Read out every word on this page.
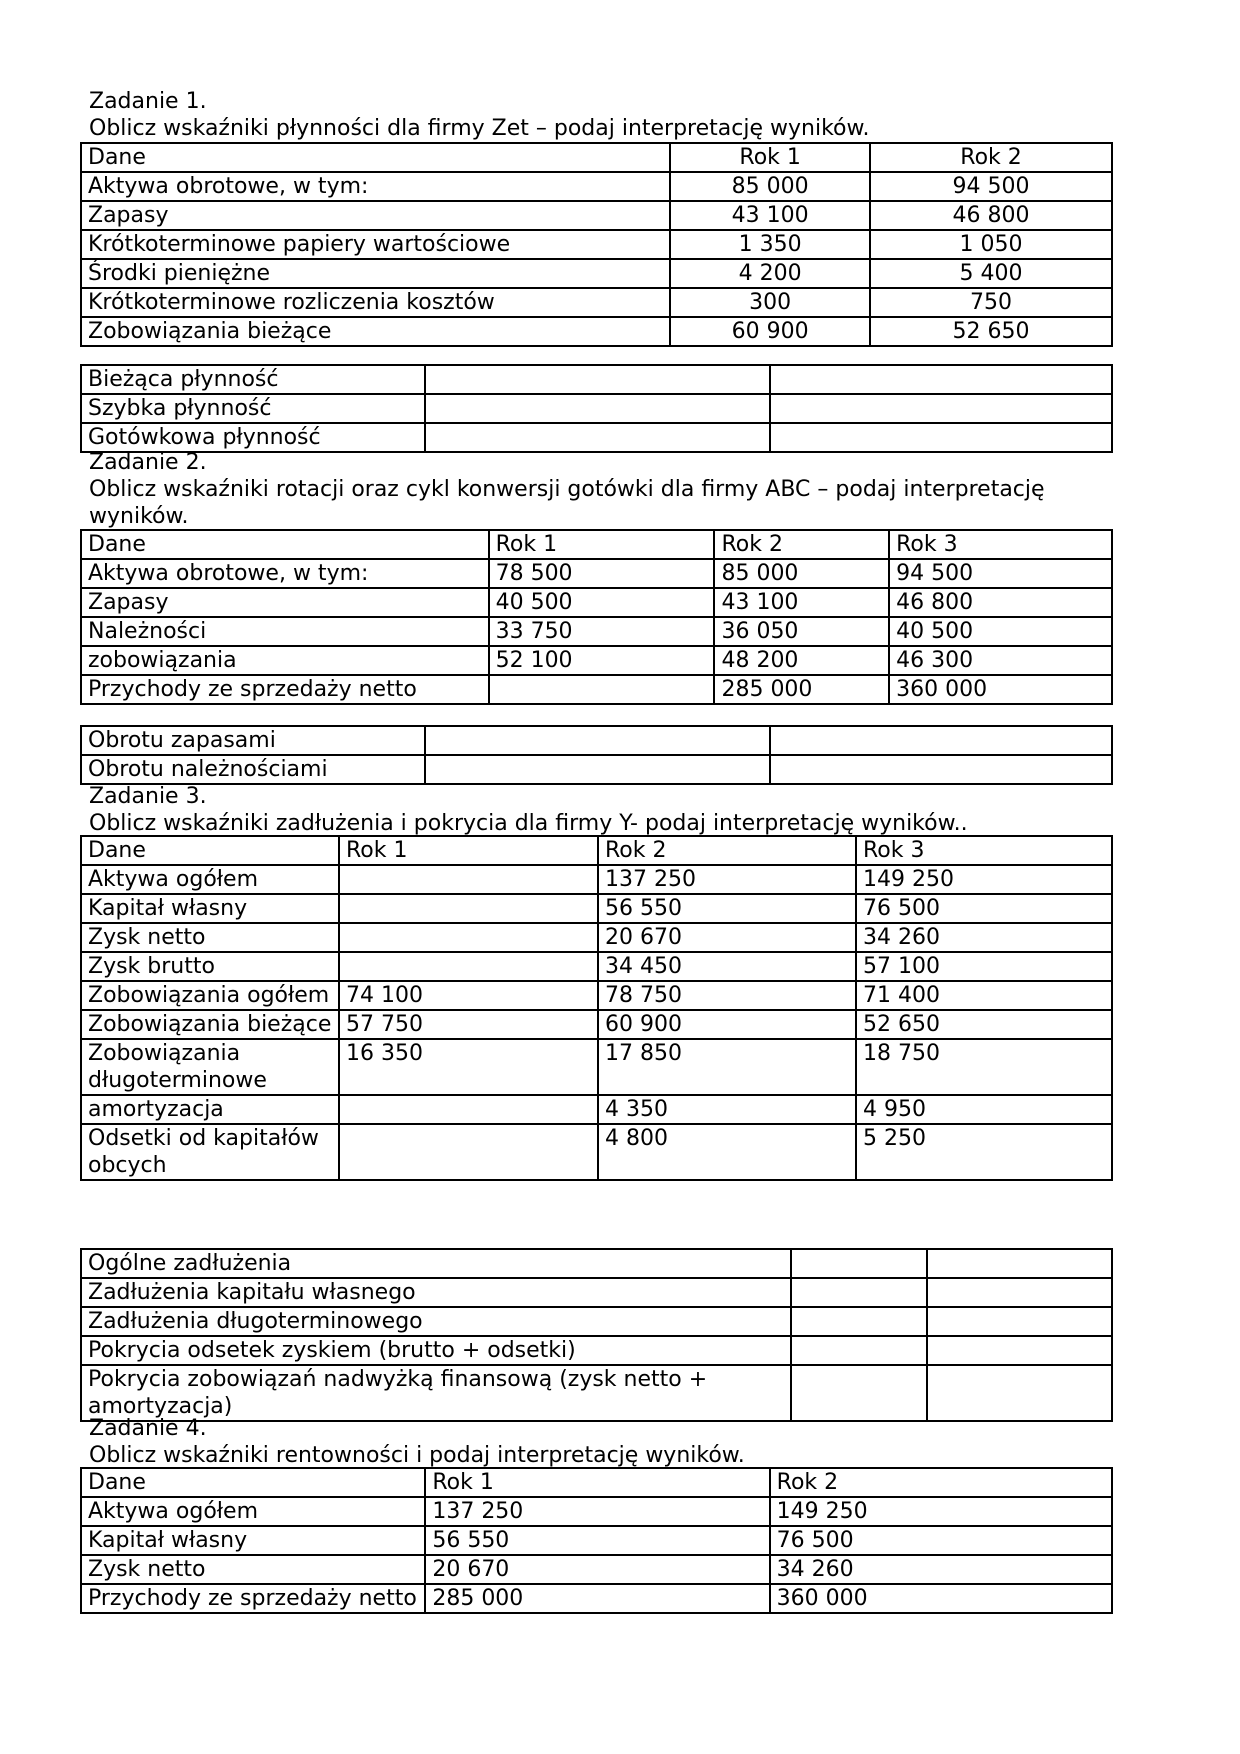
Zadanie 1.
Oblicz wskaźniki płynności dla firmy Zet – podaj interpretację wyników.
Dane	Rok 1	Rok 2
Aktywa obrotowe, w tym:	85 000	94 500
Zapasy	43 100	46 800
Krótkoterminowe papiery wartościowe	1 350	1 050
Środki pieniężne	4 200	5 400
Krótkoterminowe rozliczenia kosztów	300	750
Zobowiązania bieżące	60 900	52 650
Bieżąca płynność		
Szybka płynność		
Gotówkowa płynność		
Zadanie 2.
Oblicz wskaźniki rotacji oraz cykl konwersji gotówki dla firmy ABC – podaj interpretację
wyników.
Dane	Rok 1	Rok 2	Rok 3
Aktywa obrotowe, w tym:	78 500	85 000	94 500
Zapasy	40 500	43 100	46 800
Należności	33 750	36 050	40 500
zobowiązania	52 100	48 200	46 300
Przychody ze sprzedaży netto		285 000	360 000
Obrotu zapasami		
Obrotu należnościami		
Zadanie 3.
Oblicz wskaźniki zadłużenia i pokrycia dla firmy Y- podaj interpretację wyników..
Dane	Rok 1	Rok 2	Rok 3
Aktywa ogółem		137 250	149 250
Kapitał własny		56 550	76 500
Zysk netto		20 670	34 260
Zysk brutto		34 450	57 100
Zobowiązania ogółem	74 100	78 750	71 400
Zobowiązania bieżące	57 750	60 900	52 650
Zobowiązania długoterminowe	16 350	17 850	18 750
amortyzacja		4 350	4 950
Odsetki od kapitałów obcych		4 800	5 250
Ogólne zadłużenia		
Zadłużenia kapitału własnego		
Zadłużenia długoterminowego		
Pokrycia odsetek zyskiem (brutto + odsetki)		
Pokrycia zobowiązań nadwyżką finansową (zysk netto + amortyzacja)		
Zadanie 4.
Oblicz wskaźniki rentowności i podaj interpretację wyników.
Dane	Rok 1	Rok 2
Aktywa ogółem	137 250	149 250
Kapitał własny	56 550	76 500
Zysk netto	20 670	34 260
Przychody ze sprzedaży netto	285 000	360 000
